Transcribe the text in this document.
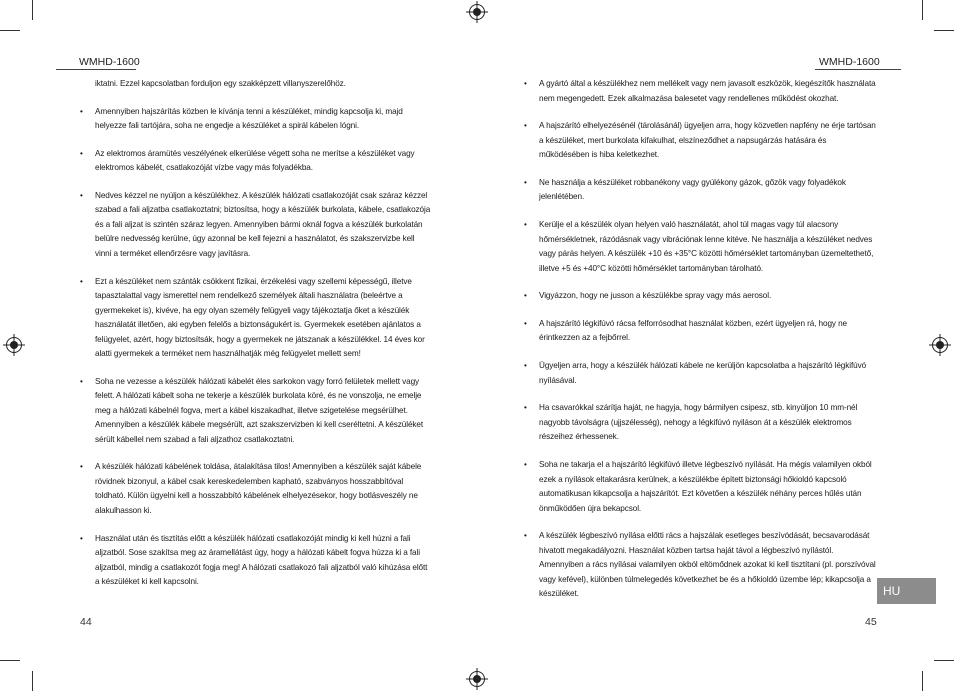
WMHD-1600	WMHD-1600

iktatni. Ezzel kapcsolatban forduljon egy szakképzett villanyszerelőhöz.

• Amennyiben hajszárítás közben le kívánja tenni a készüléket, mindig kapcsolja ki, majd helyezze fali tartójára, soha ne engedje a készüléket a spirál kábelen lógni.

• Az elektromos áramütés veszélyének elkerülése végett soha ne merítse a készüléket vagy elektromos kábelét, csatlakozóját vízbe vagy más folyadékba.

• Nedves kézzel ne nyúljon a készülékhez. A készülék hálózati csatlakozóját csak száraz kézzel szabad a fali aljzatba csatlakoztatni; biztosítsa, hogy a készülék burkolata, kábele, csatlakozója és a fali aljzat is szintén száraz legyen. Amennyiben bármi oknál fogva a készülék burkolatán belülre nedvesség kerülne, úgy azonnal be kell fejezni a használatot, és szakszervizbe kell vinni a terméket ellenőrzésre vagy javításra.

• Ezt a készüléket nem szánták csökkent fizikai, érzékelési vagy szellemi képességű, illetve tapasztalattal vagy ismerettel nem rendelkező személyek általi használatra (beleértve a gyermekeket is), kivéve, ha egy olyan személy felügyeli vagy tájékoztatja őket a készülék használatát illetően, aki egyben felelős a biztonságukért is. Gyermekek esetében ajánlatos a felügyelet, azért, hogy biztosítsák, hogy a gyermekek ne játszanak a készülékkel. 14 éves kor alatti gyermekek a terméket nem használhatják még felügyelet mellett sem!

• Soha ne vezesse a készülék hálózati kábelét éles sarkokon vagy forró felületek mellett vagy felett. A hálózati kábelt soha ne tekerje a készülék burkolata köré, és ne vonszolja, ne emelje meg a hálózati kábelnél fogva, mert a kábel kiszakadhat, illetve szigetelése megsérülhet. Amennyiben a készülék kábele megsérült, azt szakszervizben ki kell cseréltetni. A készüléket sérült kábellel nem szabad a fali aljzathoz csatlakoztatni.

• A készülék hálózati kábelének toldása, átalakítása tilos! Amennyiben a készülék saját kábele rövidnek bizonyul, a kábel csak kereskedelemben kapható, szabványos hosszabbítóval toldható. Külön ügyelni kell a hosszabbító kábelének elhelyezésekor, hogy botlásveszély ne alakulhasson ki.

• Használat után és tisztítás előtt a készülék hálózati csatlakozóját mindig ki kell húzni a fali aljzatból. Sose szakítsa meg az áramellátást úgy, hogy a hálózati kábelt fogva húzza ki a fali aljzatból, mindig a csatlakozót fogja meg! A hálózati csatlakozó fali aljzatból való kihúzása előtt a készüléket ki kell kapcsolni.

• A gyártó által a készülékhez nem mellékelt vagy nem javasolt eszközök, kiegészítők használata nem megengedett. Ezek alkalmazása balesetet vagy rendellenes működést okozhat.

• A hajszárító elhelyezésénél (tárolásánál) ügyeljen arra, hogy közvetlen napfény ne érje tartósan a készüléket, mert burkolata kifakulhat, elszíneződhet a napsugárzás hatására és működésében is hiba keletkezhet.

• Ne használja a készüléket robbanékony vagy gyúlékony gázok, gőzök vagy folyadékok jelenlétében.

• Kerülje el a készülék olyan helyen való használatát, ahol túl magas vagy túl alacsony hőmérsékletnek, rázódásnak vagy vibrációnak lenne kitéve. Ne használja a készüléket nedves vagy párás helyen. A készülék +10 és +35°C közötti hőmérséklet tartományban üzemeltethető, illetve +5 és +40°C közötti hőmérséklet tartományban tárolható.

• Vigyázzon, hogy ne jusson a készülékbe spray vagy más aerosol.

• A hajszárító légkifúvó rácsa felforrósodhat használat közben, ezért ügyeljen rá, hogy ne érintkezzen az a fejbőrrel.

• Ügyeljen arra, hogy a készülék hálózati kábele ne kerüljön kapcsolatba a hajszárító légkifúvó nyílásával.

• Ha csavarókkal szárítja haját, ne hagyja, hogy bármilyen csipesz, stb. kinyúljon 10 mm-nél nagyobb távolságra (ujjszélesség), nehogy a légkifúvó nyiláson át a készülék elektromos részeihez érhessenek.

• Soha ne takarja el a hajszárító légkifúvó illetve légbeszívó nyílását. Ha mégis valamilyen okból ezek a nyílások eltakarásra kerülnek, a készülékbe épített biztonsági hőkioldó kapcsoló automatikusan kikapcsolja a hajszárítót. Ezt követően a készülék néhány perces hűlés után önműködően újra bekapcsol.

• A készülék légbeszívó nyílása előtti rács a hajszálak esetleges beszívódását, becsavarodását hivatott megakadályozni. Használat közben tartsa haját távol a légbeszívó nyílástól. Amennyiben a rács nyílásai valamilyen okból eltömődnek azokat ki kell tisztítani (pl. porszívóval vagy kefével), különben túlmelegedés következhet be és a hőkioldó üzembe lép; kikapcsolja a készüléket.	HU
44	45
